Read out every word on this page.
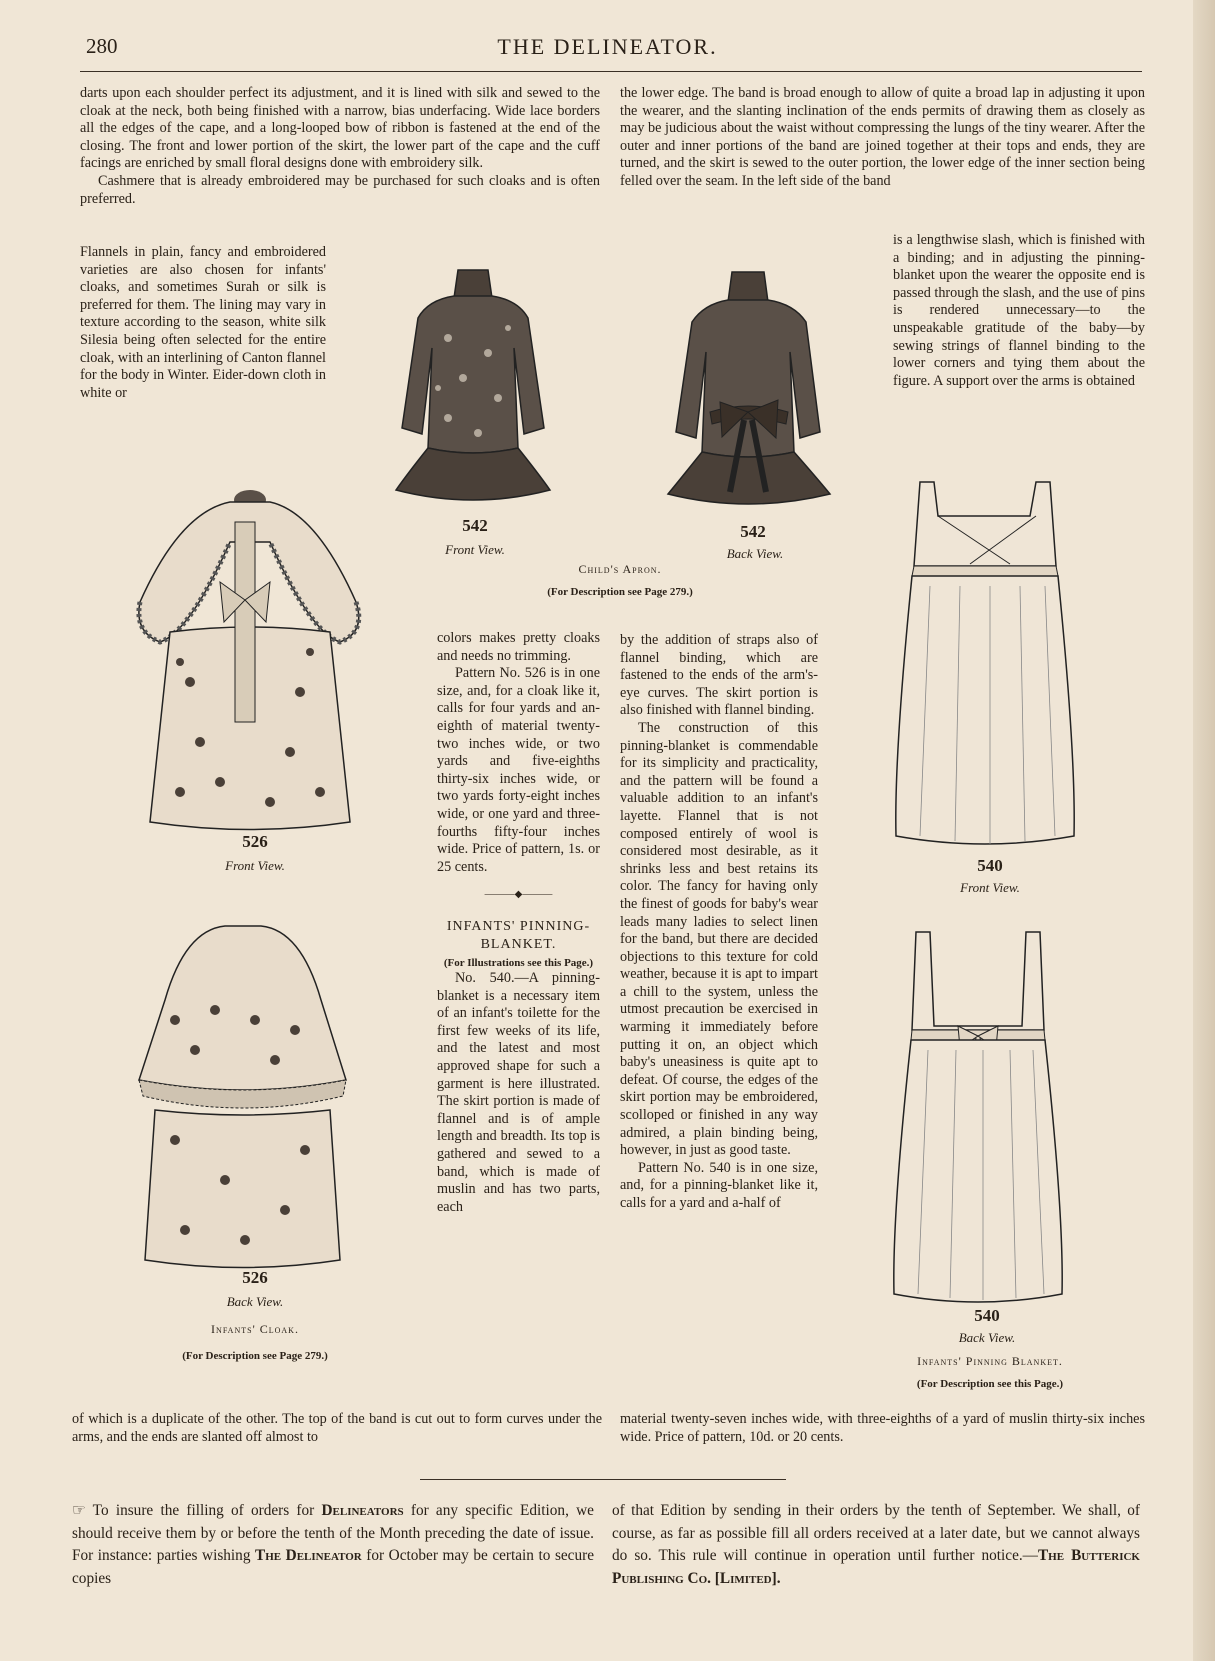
280	THE DELINEATOR.

darts upon each shoulder perfect its adjustment, and it is lined with silk and sewed to the cloak at the neck, both being finished with a narrow, bias underfacing. Wide lace borders all the edges of the cape, and a long-looped bow of ribbon is fastened at the end of the closing. The front and lower portion of the skirt, the lower part of the cape and the cuff facings are enriched by small floral designs done with embroidery silk.

Cashmere that is already embroidered may be purchased for such cloaks and is often preferred.

Flannels in plain, fancy and embroidered varieties are also chosen for infants' cloaks, and sometimes Surah or silk is preferred for them. The lining may vary in texture according to the season, white silk Silesia being often selected for the entire cloak, with an interlining of Canton flannel for the body in Winter. Eider-down cloth in white or

the lower edge. The band is broad enough to allow of quite a broad lap in adjusting it upon the wearer, and the slanting inclination of the ends permits of drawing them as closely as may be judicious about the waist without compressing the lungs of the tiny wearer. After the outer and inner portions of the band are joined together at their tops and ends, they are turned, and the skirt is sewed to the outer portion, the lower edge of the inner section being felled over the seam. In the left side of the band

is a lengthwise slash, which is finished with a binding; and in adjusting the pinning-blanket upon the wearer the opposite end is passed through the slash, and the use of pins is rendered unnecessary—to the unspeakable gratitude of the baby—by sewing strings of flannel binding to the lower corners and tying them about the figure. A support over the arms is obtained

542
Front View.
542
Back View.
Child's Apron.
(For Description see Page 279.)
526
Front View.
526
Back View.
Infants' Cloak.
(For Description see Page 279.)
540
Front View.
540
Back View.
Infants' Pinning Blanket.
(For Description see this Page.)

colors makes pretty cloaks and needs no trimming.

Pattern No. 526 is in one size, and, for a cloak like it, calls for four yards and an-eighth of material twenty-two inches wide, or two yards and five-eighths thirty-six inches wide, or two yards forty-eight inches wide, or one yard and three-fourths fifty-four inches wide. Price of pattern, 1s. or 25 cents.

———◆———
INFANTS' PINNING-BLANKET.
(For Illustrations see this Page.)

No. 540.—A pinning-blanket is a necessary item of an infant's toilette for the first few weeks of its life, and the latest and most approved shape for such a garment is here illustrated. The skirt portion is made of flannel and is of ample length and breadth. Its top is gathered and sewed to a band, which is made of muslin and has two parts, each

by the addition of straps also of flannel binding, which are fastened to the ends of the arm's-eye curves. The skirt portion is also finished with flannel binding.

The construction of this pinning-blanket is commendable for its simplicity and practicality, and the pattern will be found a valuable addition to an infant's layette. Flannel that is not composed entirely of wool is considered most desirable, as it shrinks less and best retains its color. The fancy for having only the finest of goods for baby's wear leads many ladies to select linen for the band, but there are decided objections to this texture for cold weather, because it is apt to impart a chill to the system, unless the utmost precaution be exercised in warming it immediately before putting it on, an object which baby's uneasiness is quite apt to defeat. Of course, the edges of the skirt portion may be embroidered, scolloped or finished in any way admired, a plain binding being, however, in just as good taste.

Pattern No. 540 is in one size, and, for a pinning-blanket like it, calls for a yard and a-half of

of which is a duplicate of the other. The top of the band is cut out to form curves under the arms, and the ends are slanted off almost to

material twenty-seven inches wide, with three-eighths of a yard of muslin thirty-six inches wide. Price of pattern, 10d. or 20 cents.

☞ To insure the filling of orders for Delineators for any specific Edition, we should receive them by or before the tenth of the Month preceding the date of issue. For instance: parties wishing The Delineator for October may be certain to secure copies
of that Edition by sending in their orders by the tenth of September. We shall, of course, as far as possible fill all orders received at a later date, but we cannot always do so. This rule will continue in operation until further notice.—The Butterick Publishing Co. [Limited].
